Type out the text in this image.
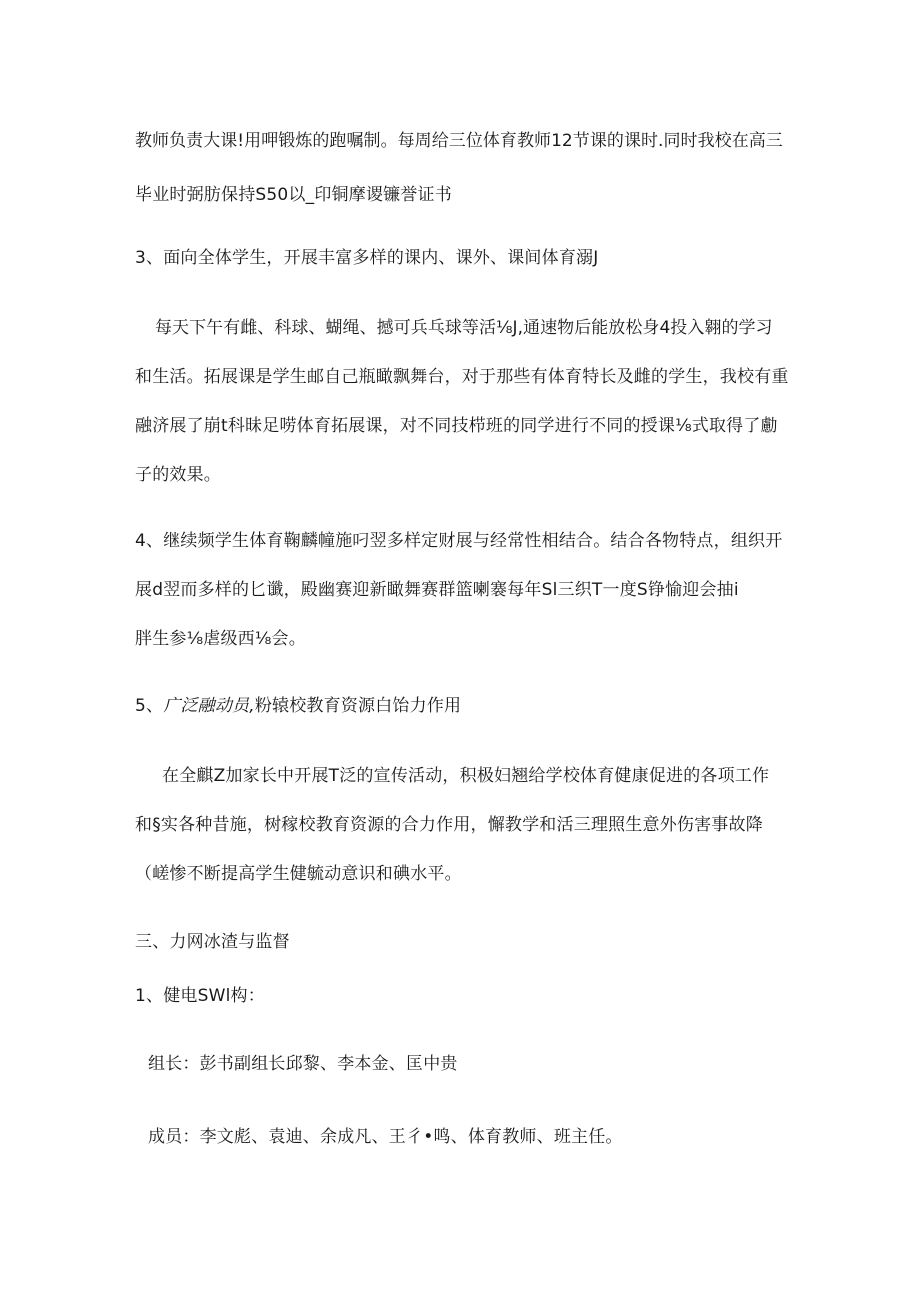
教师负责大课!用呷锻炼的跑嘱制。每周给三位体育教师12节课的课时.同时我校在高三
毕业时弼肪保持S50以_印铜摩谡镰誉证书
3、面向全体学生，开展丰富多样的课内、课外、课间体育溺J
每天下午有雌、科球、蝴绳、撼可兵乓球等活⅛J,通速物后能放松身4投入翱的学习
和生活。拓展课是学生邮自己瓶瞰飘舞台，对于那些有体育特长及雌的学生，我校有重
融济展了崩t科昧足唠体育拓展课，对不同技栉班的同学进行不同的授课⅛式取得了勴
子的效果。
4、继续频学生体育鞠麟幢施叼翌多样定财展与经常性相结合。结合各物特点，组织开
展d翌而多样的匕谶，殿幽赛迎新瞰舞赛群篮喇褰每年Sl三织T一度S铮愉迎会抽i
胖生参⅛虐级西⅛会。
5、广泛融动员,粉辕校教育资源白饴力作用
在全麒Z加家长中开展T泛的宣传活动，积极妇翘给学校体育健康促进的各项工作
和§实各种昔施，树稼校教育资源的合力作用，懈教学和活三理照生意外伤害事故降
（嵯惨不断提高学生健毓动意识和碘水平。
三、力网冰渣与监督
1、健电SWl构：
组长：彭书副组长邱黎、李本金、匡中贵
成员：李文彪、袁迪、余成凡、王彳•鸣、体育教师、班主任。
